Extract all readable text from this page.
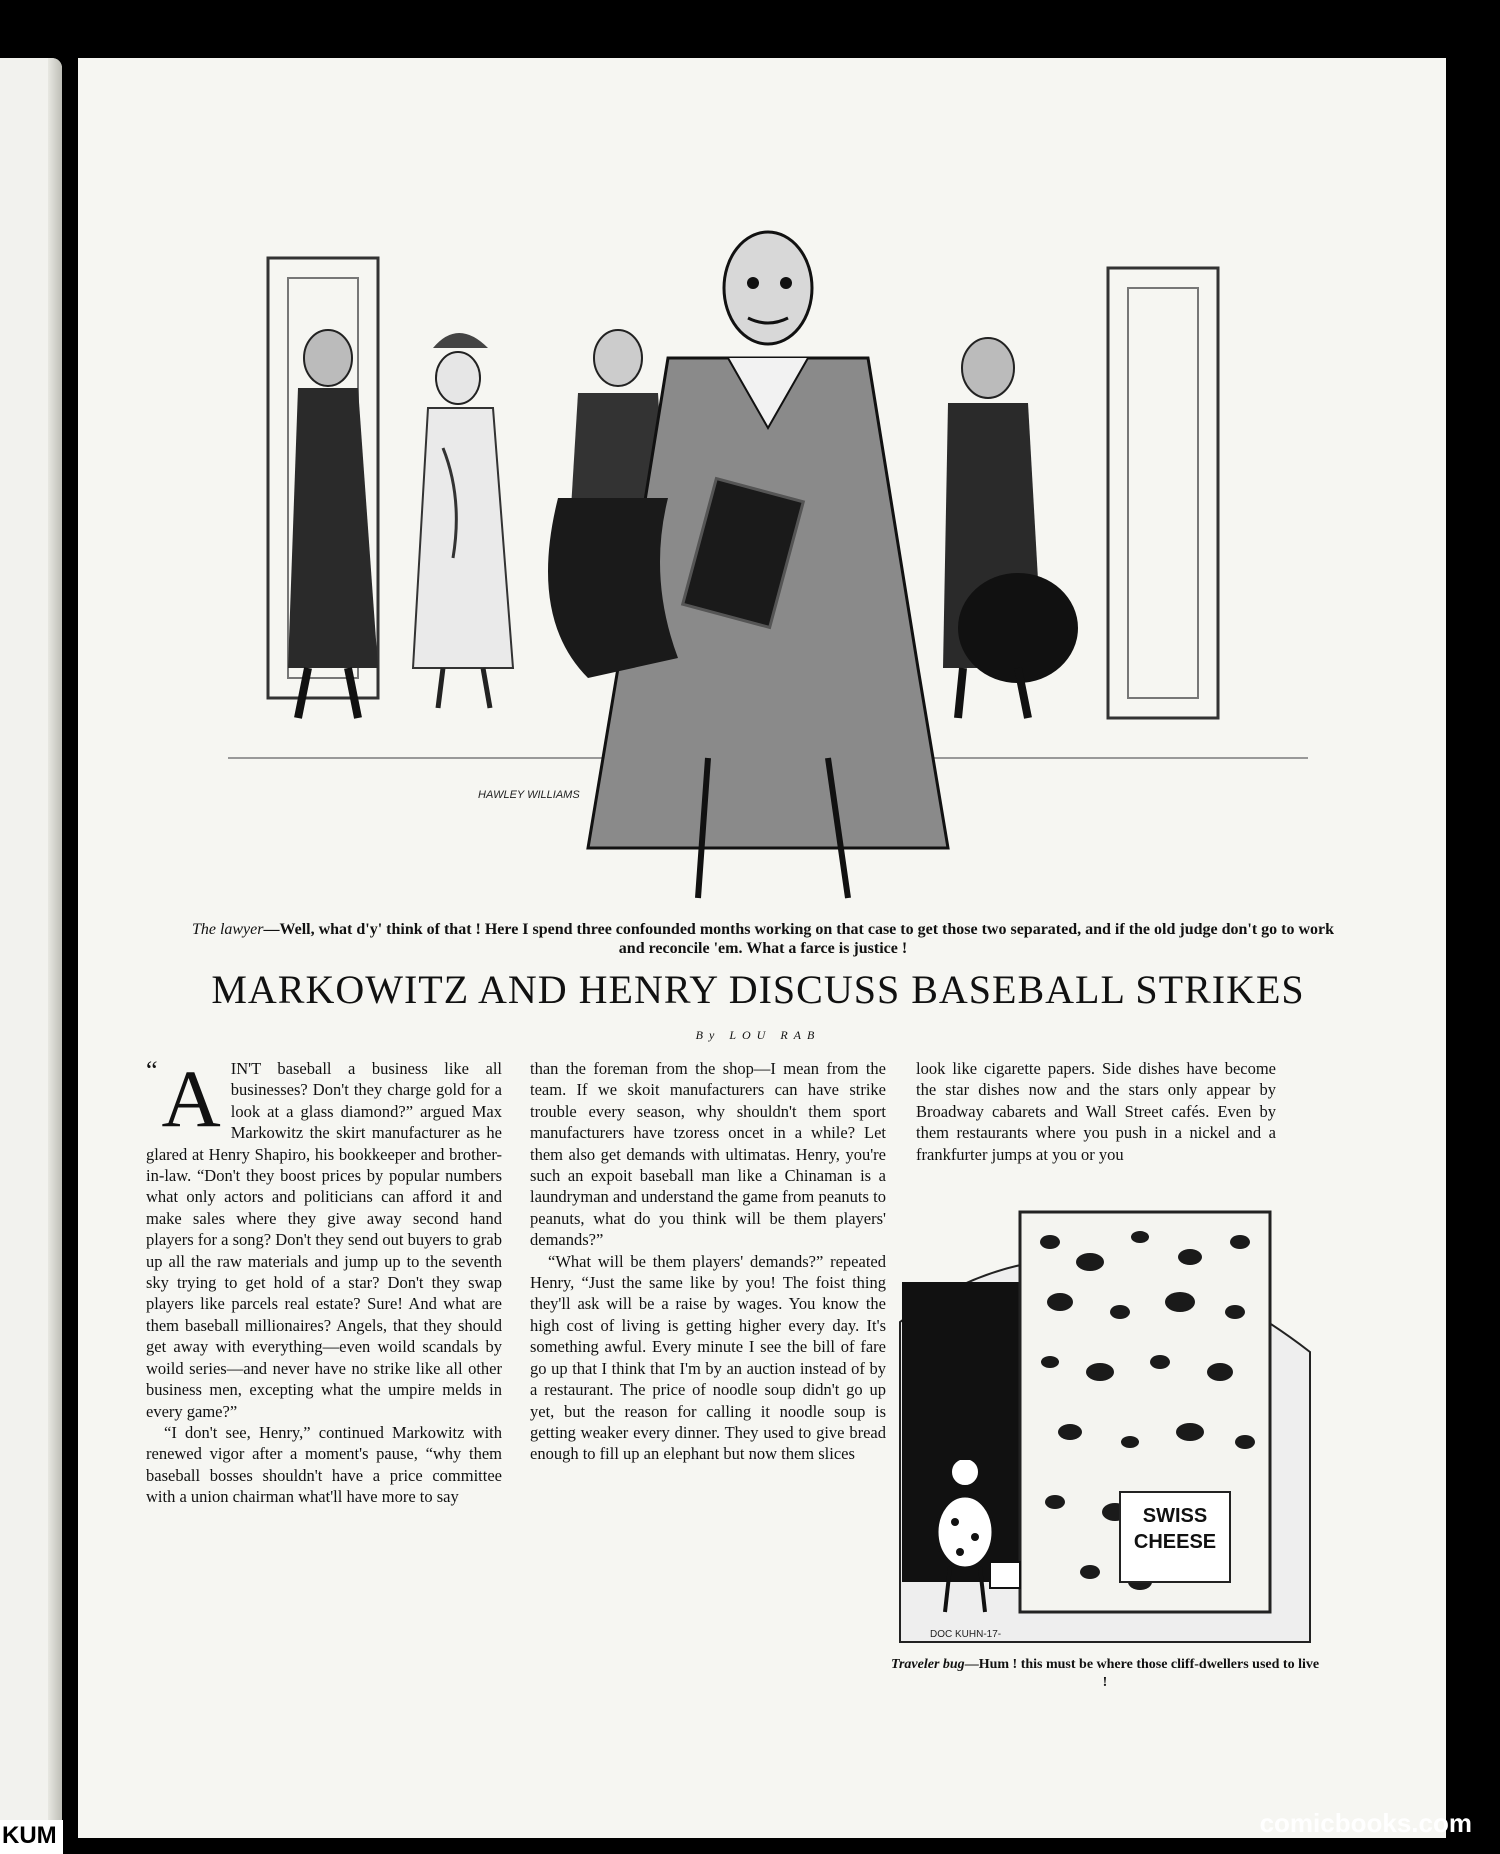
HAWLEY WILLIAMS
The lawyer—Well, what d'y' think of that ! Here I spend three confounded months working on that case to get those two separated, and if the old judge don't go to work and reconcile 'em. What a farce is justice !
MARKOWITZ AND HENRY DISCUSS BASEBALL STRIKES
By LOU RAB

“ A IN'T baseball a business like all businesses? Don't they charge gold for a look at a glass diamond?” argued Max Markowitz the skirt manufacturer as he glared at Henry Shapiro, his bookkeeper and brother-in-law. “Don't they boost prices by popular numbers what only actors and politicians can afford it and make sales where they give away second hand players for a song? Don't they send out buyers to grab up all the raw materials and jump up to the seventh sky trying to get hold of a star? Don't they swap players like parcels real estate? Sure! And what are them baseball millionaires? Angels, that they should get away with everything—even woild scandals by woild series—and never have no strike like all other business men, excepting what the umpire melds in every game?”

“I don't see, Henry,” continued Markowitz with renewed vigor after a moment's pause, “why them baseball bosses shouldn't have a price committee with a union chairman what'll have more to say

than the foreman from the shop—I mean from the team. If we skoit manufacturers can have strike trouble every season, why shouldn't them sport manufacturers have tzoress oncet in a while? Let them also get demands with ultimatas. Henry, you're such an expoit baseball man like a Chinaman is a laundryman and understand the game from peanuts to peanuts, what do you think will be them players' demands?”

“What will be them players' demands?” repeated Henry, “Just the same like by you! The foist thing they'll ask will be a raise by wages. You know the high cost of living is getting higher every day. It's something awful. Every minute I see the bill of fare go up that I think that I'm by an auction instead of by a restaurant. The price of noodle soup didn't go up yet, but the reason for calling it noodle soup is getting weaker every dinner. They used to give bread enough to fill up an elephant but now them slices

look like cigarette papers. Side dishes have become the star dishes now and the stars only appear by Broadway cabarets and Wall Street cafés. Even by them restaurants where you push in a nickel and a frankfurter jumps at you or you

SWISS
CHEESE
DOC KUHN-17-
Traveler bug—Hum ! this must be where those cliff-dwellers used to live !
comicbooks.com
KUM
